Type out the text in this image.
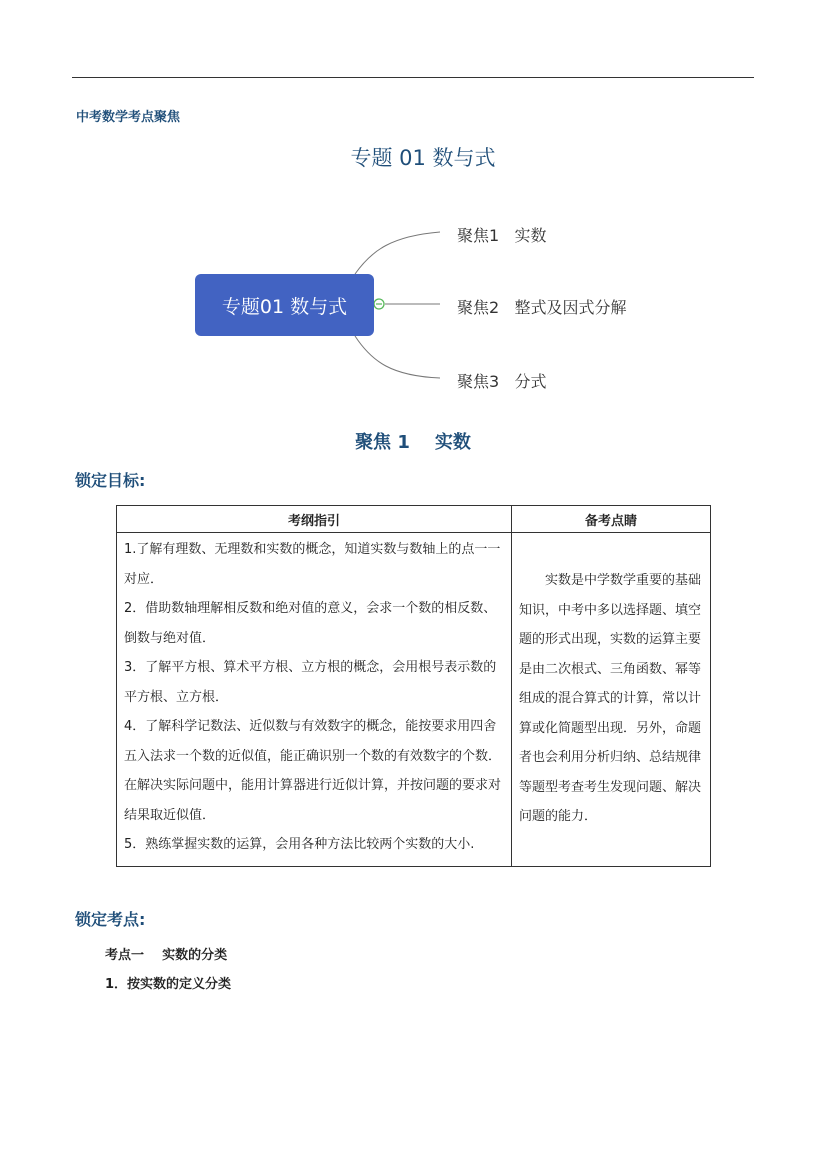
中考数学考点聚焦
专题 01 数与式
专题01 数与式
聚焦1   实数
聚焦2   整式及因式分解
聚焦3   分式
聚焦 1    实数
锁定目标:
考纲指引	备考点睛

1.了解有理数、无理数和实数的概念，知道实数与数轴上的点一一对应．

2．借助数轴理解相反数和绝对值的意义，会求一个数的相反数、倒数与绝对值．

3．了解平方根、算术平方根、立方根的概念，会用根号表示数的平方根、立方根．

4．了解科学记数法、近似数与有效数字的概念，能按要求用四舍五入法求一个数的近似值，能正确识别一个数的有效数字的个数．在解决实际问题中，能用计算器进行近似计算，并按问题的要求对结果取近似值．

5．熟练掌握实数的运算，会用各种方法比较两个实数的大小.	实数是中学数学重要的基础知识，中考中多以选择题、填空题的形式出现，实数的运算主要是由二次根式、三角函数、幂等组成的混合算式的计算，常以计算或化简题型出现．另外，命题者也会利用分析归纳、总结规律等题型考查考生发现问题、解决问题的能力．

锁定考点:
考点一    实数的分类
1．按实数的定义分类
